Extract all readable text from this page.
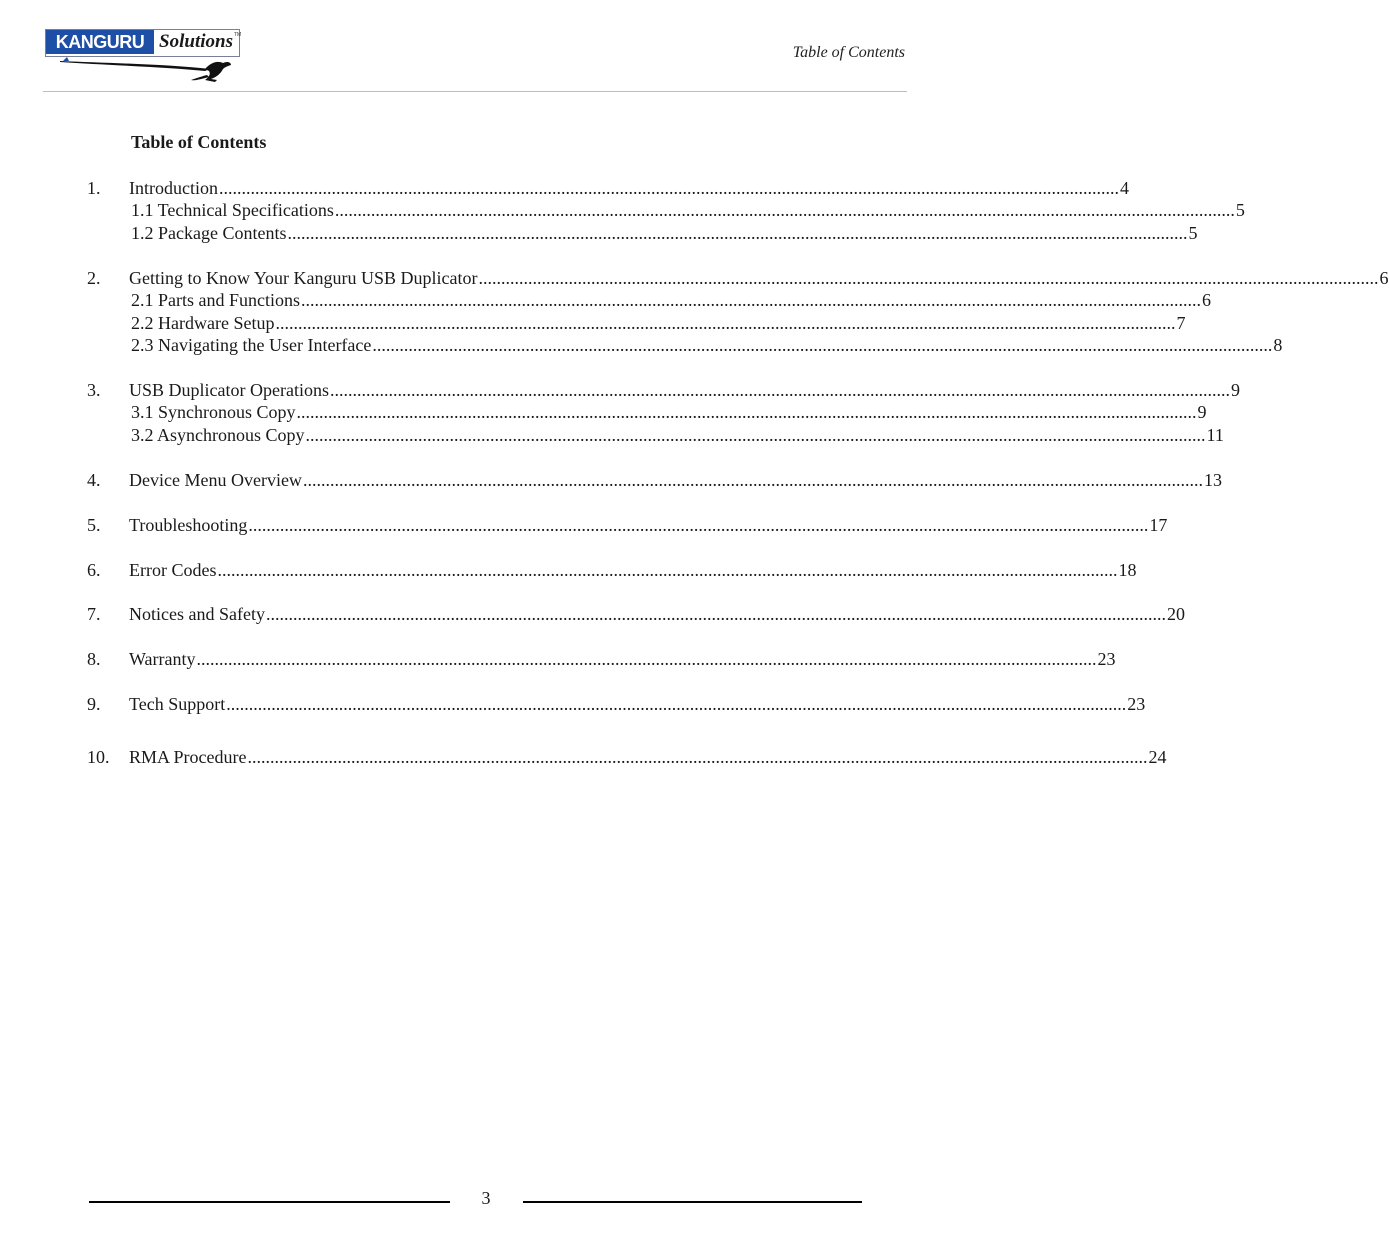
KANGURU Solutions TM
Table of Contents
Table of Contents
1. Introduction ........................................................................................................................................................................................................ 4
1.1 Technical Specifications ........................................................................................................................................................................................................ 5
1.2 Package Contents ........................................................................................................................................................................................................ 5
2. Getting to Know Your Kanguru USB Duplicator ........................................................................................................................................................................................................ 6
2.1 Parts and Functions ........................................................................................................................................................................................................ 6
2.2 Hardware Setup ........................................................................................................................................................................................................ 7
2.3 Navigating the User Interface ........................................................................................................................................................................................................ 8
3. USB Duplicator Operations ........................................................................................................................................................................................................ 9
3.1 Synchronous Copy ........................................................................................................................................................................................................ 9
3.2 Asynchronous Copy ........................................................................................................................................................................................................ 11
4. Device Menu Overview ........................................................................................................................................................................................................ 13
5. Troubleshooting ........................................................................................................................................................................................................ 17
6. Error Codes ........................................................................................................................................................................................................ 18
7. Notices and Safety ........................................................................................................................................................................................................ 20
8. Warranty ........................................................................................................................................................................................................ 23
9. Tech Support ........................................................................................................................................................................................................ 23
10. RMA Procedure ........................................................................................................................................................................................................ 24
3
